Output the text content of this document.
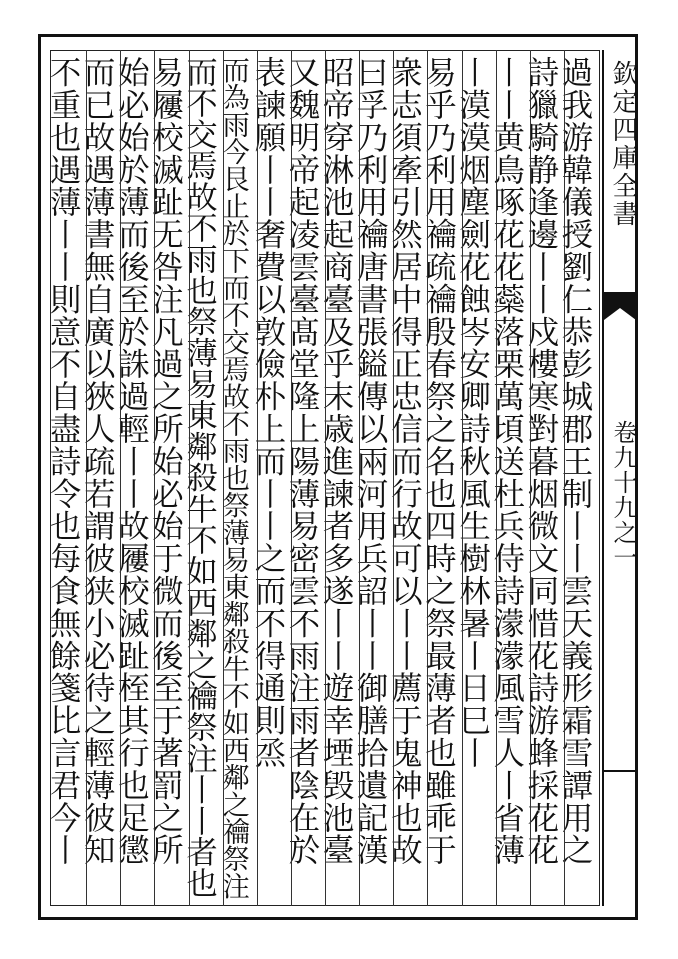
欽定四庫全書
卷九十九之一
過我游韓儀授劉仁恭彭城郡王制丨丨雲天義形霜雪譚用之
詩獵騎静逢邊丨丨戍樓寒對暮烟微文同惜花詩游蜂採花花
丨丨黄鳥啄花花蘂落栗萬頃送杜兵侍詩濛濛風雪人丨省薄
丨漠漠烟塵劍花蝕岑安卿詩秋風生樹林暑丨日巳丨
易乎乃利用禴疏禴殷春祭之名也四時之祭最薄者也雖乖于
衆志須牽引然居中得正忠信而行故可以丨丨薦于鬼神也故
曰孚乃利用禴唐書張鎰傳以兩河用兵詔丨丨御膳拾遺記漢
昭帝穿淋池起商臺及乎末歳進諫者多遂丨丨遊幸堙毁池臺
又魏明帝起凌雲臺髙堂隆上陽薄易密雲不雨注雨者陰在於
表諫願丨丨奢費以敦儉朴上而丨丨之而不得通則烝
而為雨今艮止於下而不交焉故不雨也祭薄易東鄰殺牛不如西鄰之禴祭注
而不交焉故不雨也祭薄易東鄰殺牛不如西鄰之禴祭注丨丨者也
易屨校滅趾无咎注凡過之所始必始于微而後至于著罰之所
始必始於薄而後至於誅過輕丨丨故屨校滅趾桎其行也足懲
而已故遇薄書無自廣以狹人疏若謂彼狭小必待之輕薄彼知
不重也遇薄丨丨則意不自盡詩令也每食無餘箋比言君今丨
